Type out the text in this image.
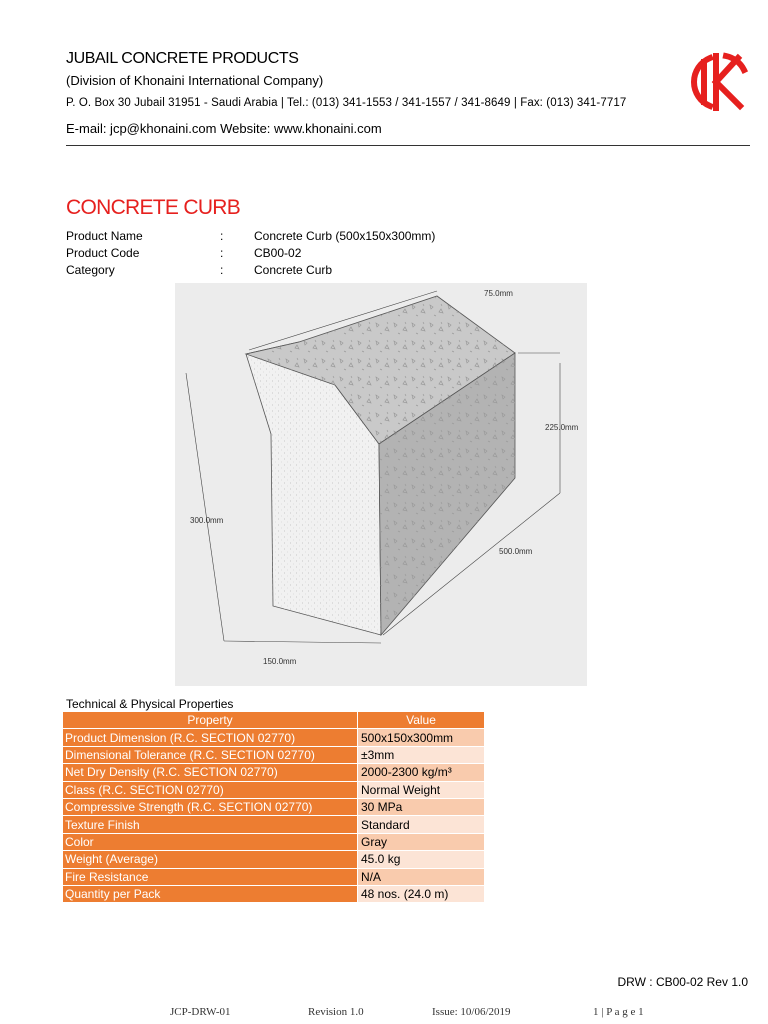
JUBAIL CONCRETE PRODUCTS
(Division of Khonaini International Company)
P. O. Box 30 Jubail 31951 - Saudi Arabia | Tel.: (013) 341-1553 / 341-1557 / 341-8649 | Fax: (013) 341-7717
E-mail: jcp@khonaini.com Website: www.khonaini.com
CONCRETE CURB
Product Name	:	Concrete Curb (500x150x300mm)
Product Code	:	CB00-02
Category	:	Concrete Curb
75.0mm
225.0mm
300.0mm
500.0mm
150.0mm
Technical & Physical Properties
Property	Value
Product Dimension (R.C. SECTION 02770)	500x150x300mm
Dimensional Tolerance (R.C. SECTION 02770)	±3mm
Net Dry Density (R.C. SECTION 02770)	2000-2300 kg/m³
Class (R.C. SECTION 02770)	Normal Weight
Compressive Strength (R.C. SECTION 02770)	30 MPa
Texture Finish	Standard
Color	Gray
Weight (Average)	45.0 kg
Fire Resistance	N/A
Quantity per Pack	48 nos. (24.0 m)
DRW : CB00-02 Rev 1.0
JCP-DRW-01	Revision 1.0	Issue: 10/06/2019	1 | P a g e 1
